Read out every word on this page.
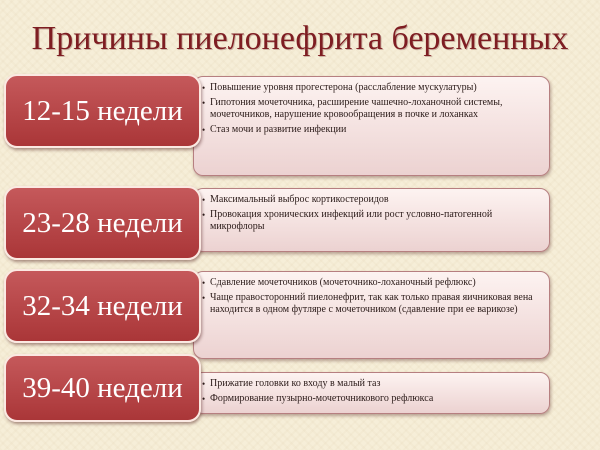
Причины пиелонефрита беременных
12-15 недели
• Повышение уровня прогестерона (расслабление мускулатуры)
• Гипотония мочеточника, расширение чашечно-лоханочной системы, мочеточников, нарушение кровообращения в почке и лоханках
• Стаз мочи и развитие инфекции
23-28 недели
• Максимальный выброс кортикостероидов
• Провокация хронических инфекций или рост условно-патогенной микрофлоры
32-34 недели
• Сдавление мочеточников (мочеточнико-лоханочный рефлюкс)
• Чаще правосторонний пиелонефрит, так как только правая яичниковая вена находится в одном футляре с мочеточником (сдавление при ее варикозе)
39-40 недели
•	Прижатие головки ко входу в малый таз
• Формирование пузырно-мочеточникового рефлюкса
